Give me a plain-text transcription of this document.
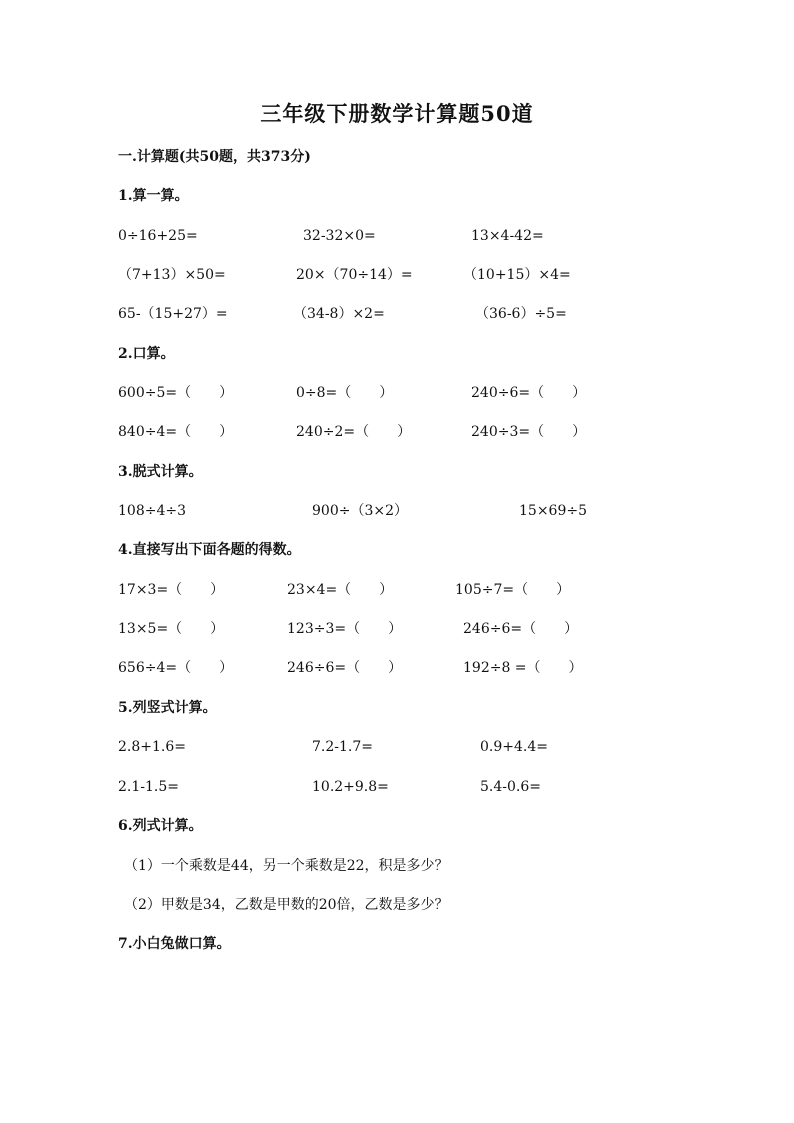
三年级下册数学计算题50道
一.计算题(共50题，共373分)
1.算一算。
0÷16+25=	32-32×0=	13×4-42=
（7+13）×50=	20×（70÷14）=	（10+15）×4=
65-（15+27）=	（34-8）×2=	（36-6）÷5=
2.口算。
600÷5=（　　）	0÷8=（　　）	240÷6=（　　）
840÷4=（　　）	240÷2=（　　）	240÷3=（　　）
3.脱式计算。
108÷4÷3	900÷（3×2）	15×69÷5
4.直接写出下面各题的得数。
17×3=（　　）	23×4=（　　）	105÷7=（　　）
13×5=（　　）	123÷3=（　　）	246÷6=（　　）
656÷4=（　　）	246÷6=（　　）	192÷8 =（　　）
5.列竖式计算。
2.8+1.6=	7.2-1.7=	0.9+4.4=
2.1-1.5=	10.2+9.8=	5.4-0.6=
6.列式计算。
（1）一个乘数是44，另一个乘数是22，积是多少？
（2）甲数是34，乙数是甲数的20倍，乙数是多少？
7.小白兔做口算。
